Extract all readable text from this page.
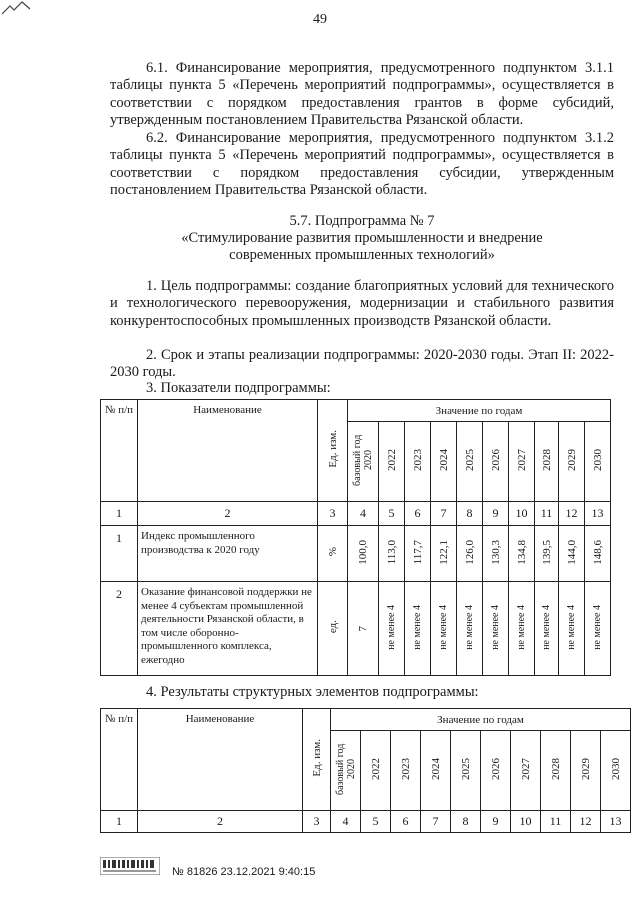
49

6.1. Финансирование мероприятия, предусмотренного подпунктом 3.1.1 таблицы пункта 5 «Перечень мероприятий подпрограммы», осуществляется в соответствии с порядком предоставления грантов в форме субсидий, утвержденным постановлением Правительства Рязанской области.

6.2. Финансирование мероприятия, предусмотренного подпунктом 3.1.2 таблицы пункта 5 «Перечень мероприятий подпрограммы», осуществляется в соответствии с порядком предоставления субсидии, утвержденным постановлением Правительства Рязанской области.

5.7. Подпрограмма № 7

«Стимулирование развития промышленности и внедрение

современных промышленных технологий»

1. Цель подпрограммы: создание благоприятных условий для технического и технологического перевооружения, модернизации и стабильного развития конкурентоспособных промышленных производств Рязанской области.

2. Срок и этапы реализации подпрограммы: 2020-2030 годы. Этап II: 2022-2030 годы.

3. Показатели подпрограммы:

№ п/п	Наименование	Ед. изм.	Значение по годам									
			базовый год 2020	2022	2023	2024	2025	2026	2027	2028	2029	2030
1	2	3	4	5	6	7	8	9	10	11	12	13
1	Индекс промышленного производства к 2020 году	%	100,0	113,0	117,7	122,1	126,0	130,3	134,8	139,5	144,0	148,6
2	Оказание финансовой поддержки не менее 4 субъектам промышленной деятельности Рязанской области, в том числе оборонно-промышленного комплекса, ежегодно	ед.	7	не менее 4	не менее 4	не менее 4	не менее 4	не менее 4	не менее 4	не менее 4	не менее 4	не менее 4

4. Результаты структурных элементов подпрограммы:

№ п/п	Наименование	Ед. изм.	Значение по годам									
			базовый год 2020	2022	2023	2024	2025	2026	2027	2028	2029	2030
1	2	3	4	5	6	7	8	9	10	11	12	13
№ 81826 23.12.2021 9:40:15
